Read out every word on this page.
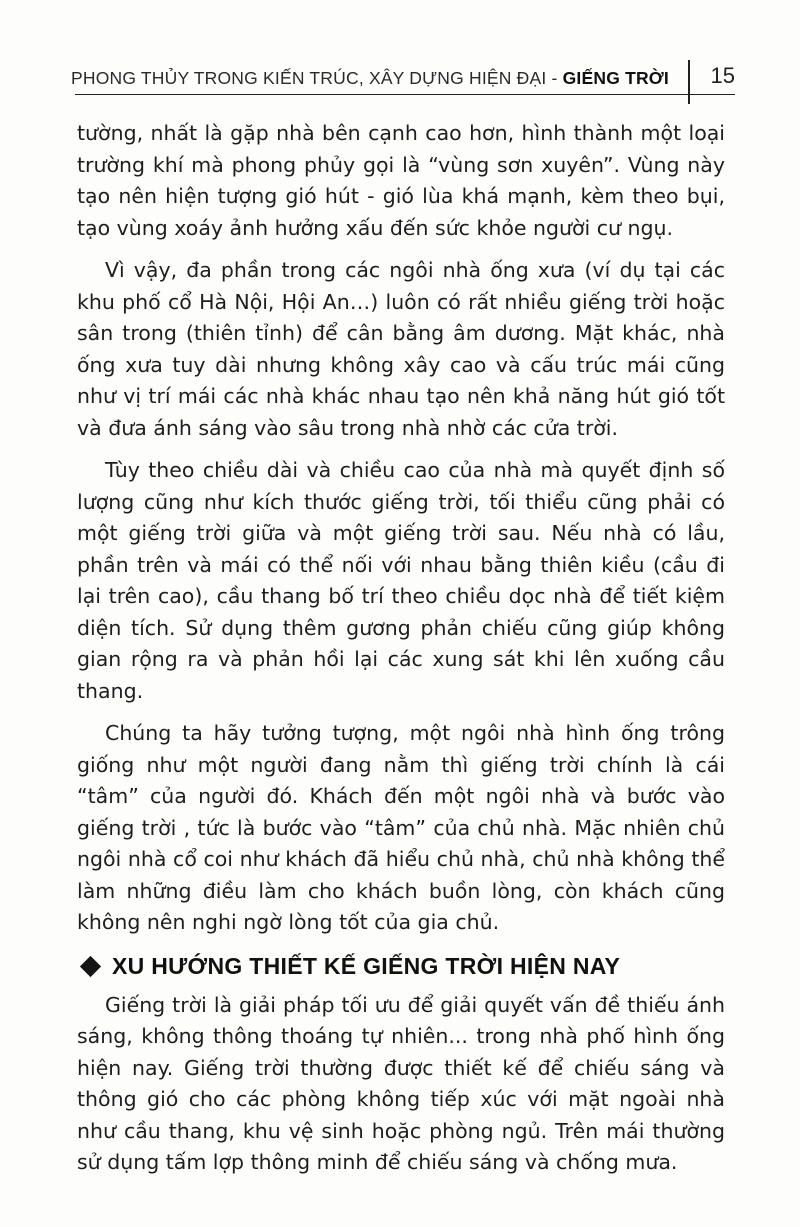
PHONG THỦY TRONG KIẾN TRÚC, XÂY DỰNG HIỆN ĐẠI - GIẾNG TRỜI 15

tường, nhất là gặp nhà bên cạnh cao hơn, hình thành một loại trường khí mà phong phủy gọi là “vùng sơn xuyên”. Vùng này tạo nên hiện tượng gió hút - gió lùa khá mạnh, kèm theo bụi, tạo vùng xoáy ảnh hưởng xấu đến sức khỏe người cư ngụ.

Vì vậy, đa phần trong các ngôi nhà ống xưa (ví dụ tại các khu phố cổ Hà Nội, Hội An…) luôn có rất nhiều giếng trời hoặc sân trong (thiên tỉnh) để cân bằng âm dương. Mặt khác, nhà ống xưa tuy dài nhưng không xây cao và cấu trúc mái cũng như vị trí mái các nhà khác nhau tạo nên khả năng hút gió tốt và đưa ánh sáng vào sâu trong nhà nhờ các cửa trời.

Tùy theo chiều dài và chiều cao của nhà mà quyết định số lượng cũng như kích thước giếng trời, tối thiểu cũng phải có một giếng trời giữa và một giếng trời sau. Nếu nhà có lầu, phần trên và mái có thể nối với nhau bằng thiên kiều (cầu đi lại trên cao), cầu thang bố trí theo chiều dọc nhà để tiết kiệm diện tích. Sử dụng thêm gương phản chiếu cũng giúp không gian rộng ra và phản hồi lại các xung sát khi lên xuống cầu thang.

Chúng ta hãy tưởng tượng, một ngôi nhà hình ống trông giống như một người đang nằm thì giếng trời chính là cái “tâm” của người đó. Khách đến một ngôi nhà và bước vào giếng trời , tức là bước vào “tâm” của chủ nhà. Mặc nhiên chủ ngôi nhà cổ coi như khách đã hiểu chủ nhà, chủ nhà không thể làm những điều làm cho khách buồn lòng, còn khách cũng không nên nghi ngờ lòng tốt của gia chủ.

XU HƯỚNG THIẾT KẾ GIẾNG TRỜI HIỆN NAY

Giếng trời là giải pháp tối ưu để giải quyết vấn đề thiếu ánh sáng, không thông thoáng tự nhiên... trong nhà phố hình ống hiện nay. Giếng trời thường được thiết kế để chiếu sáng và thông gió cho các phòng không tiếp xúc với mặt ngoài nhà như cầu thang, khu vệ sinh hoặc phòng ngủ. Trên mái thường sử dụng tấm lợp thông minh để chiếu sáng và chống mưa.
